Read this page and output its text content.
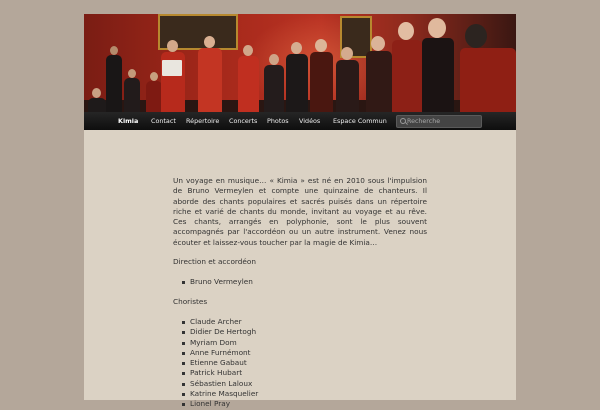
Kimia	Contact	Répertoire	Concerts	Photos	Vidéos	Espace Commun
Recherche

Un voyage en musique… « Kimia » est né en 2010 sous l'impulsion de Bruno Vermeylen et compte une quinzaine de chanteurs. Il aborde des chants populaires et sacrés puisés dans un répertoire riche et varié de chants du monde, invitant au voyage et au rêve. Ces chants, arrangés en polyphonie, sont le plus souvent accompagnés par l'accordéon ou un autre instrument. Venez nous écouter et laissez-vous toucher par la magie de Kimia…

Direction et accordéon

Bruno Vermeylen

Choristes

Claude Archer
Didier De Hertogh
Myriam Dom
Anne Furnémont
Etienne Gabaut
Patrick Hubart
Sébastien Laloux
Katrine Masquelier
Lionel Pray
